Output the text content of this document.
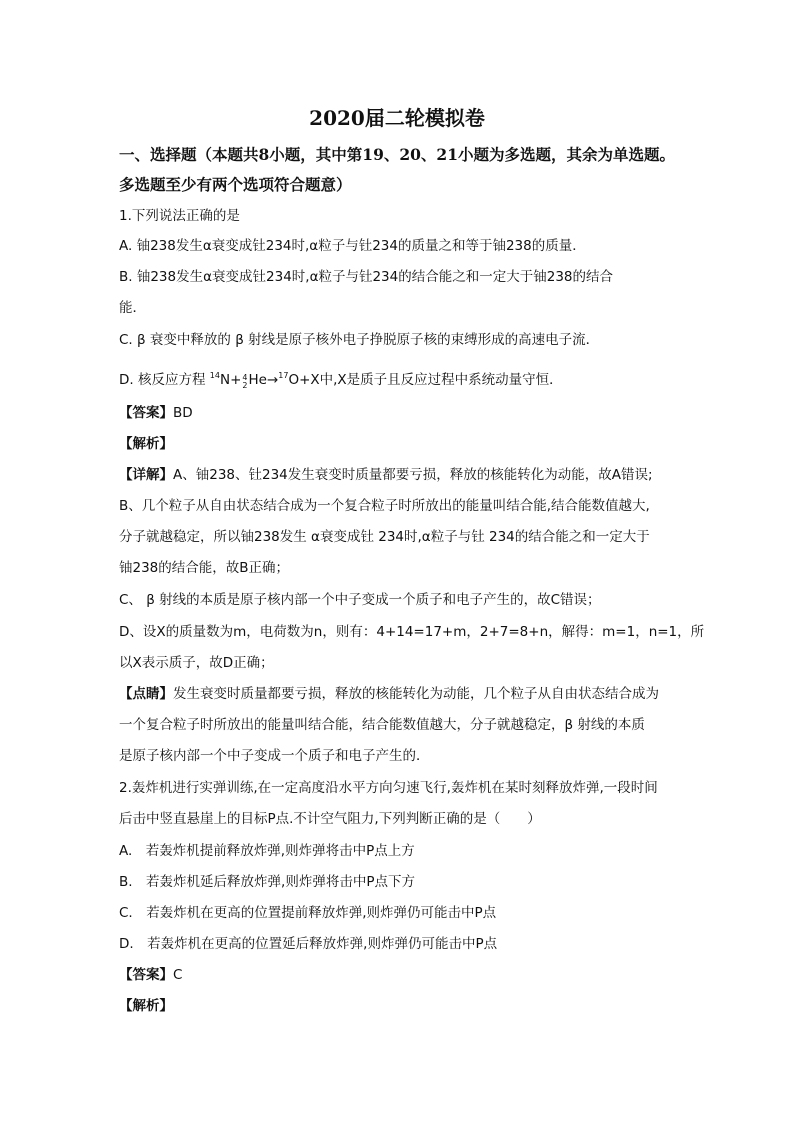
2020届二轮模拟卷
一、选择题（本题共8小题，其中第19、20、21小题为多选题，其余为单选题。
多选题至少有两个选项符合题意）
1.下列说法正确的是
A. 铀238发生α衰变成钍234时,α粒子与钍234的质量之和等于铀238的质量．
B. 铀238发生α衰变成钍234时,α粒子与钍234的结合能之和一定大于铀238的结合
能．
C. β 衰变中释放的 β 射线是原子核外电子挣脱原子核的束缚形成的高速电子流．
D. 核反应方程 $^{14}$N+ 4
2 He→$^{17}$O+X中,X是质子且反应过程中系统动量守恒．
【答案】BD
【解析】
【详解】A、铀238、钍234发生衰变时质量都要亏损，释放的核能转化为动能，故A错误;
B、几个粒子从自由状态结合成为一个复合粒子时所放出的能量叫结合能,结合能数值越大,
分子就越稳定，所以铀238发生 α衰变成钍 234时,α粒子与钍 234的结合能之和一定大于
铀238的结合能，故B正确；
C、 β 射线的本质是原子核内部一个中子变成一个质子和电子产生的，故C错误；
D、设X的质量数为m，电荷数为n，则有：4+14=17+m，2+7=8+n，解得：m=1，n=1，所
以X表示质子，故D正确；
【点睛】发生衰变时质量都要亏损，释放的核能转化为动能，几个粒子从自由状态结合成为
一个复合粒子时所放出的能量叫结合能，结合能数值越大，分子就越稳定，β 射线的本质
是原子核内部一个中子变成一个质子和电子产生的．
2.轰炸机进行实弹训练,在一定高度沿水平方向匀速飞行,轰炸机在某时刻释放炸弹,一段时间
后击中竖直悬崖上的目标P点.不计空气阻力,下列判断正确的是（　　）
A.　若轰炸机提前释放炸弹,则炸弹将击中P点上方
B.　若轰炸机延后释放炸弹,则炸弹将击中P点下方
C.　若轰炸机在更高的位置提前释放炸弹,则炸弹仍可能击中P点
D.　若轰炸机在更高的位置延后释放炸弹,则炸弹仍可能击中P点
【答案】C
【解析】
